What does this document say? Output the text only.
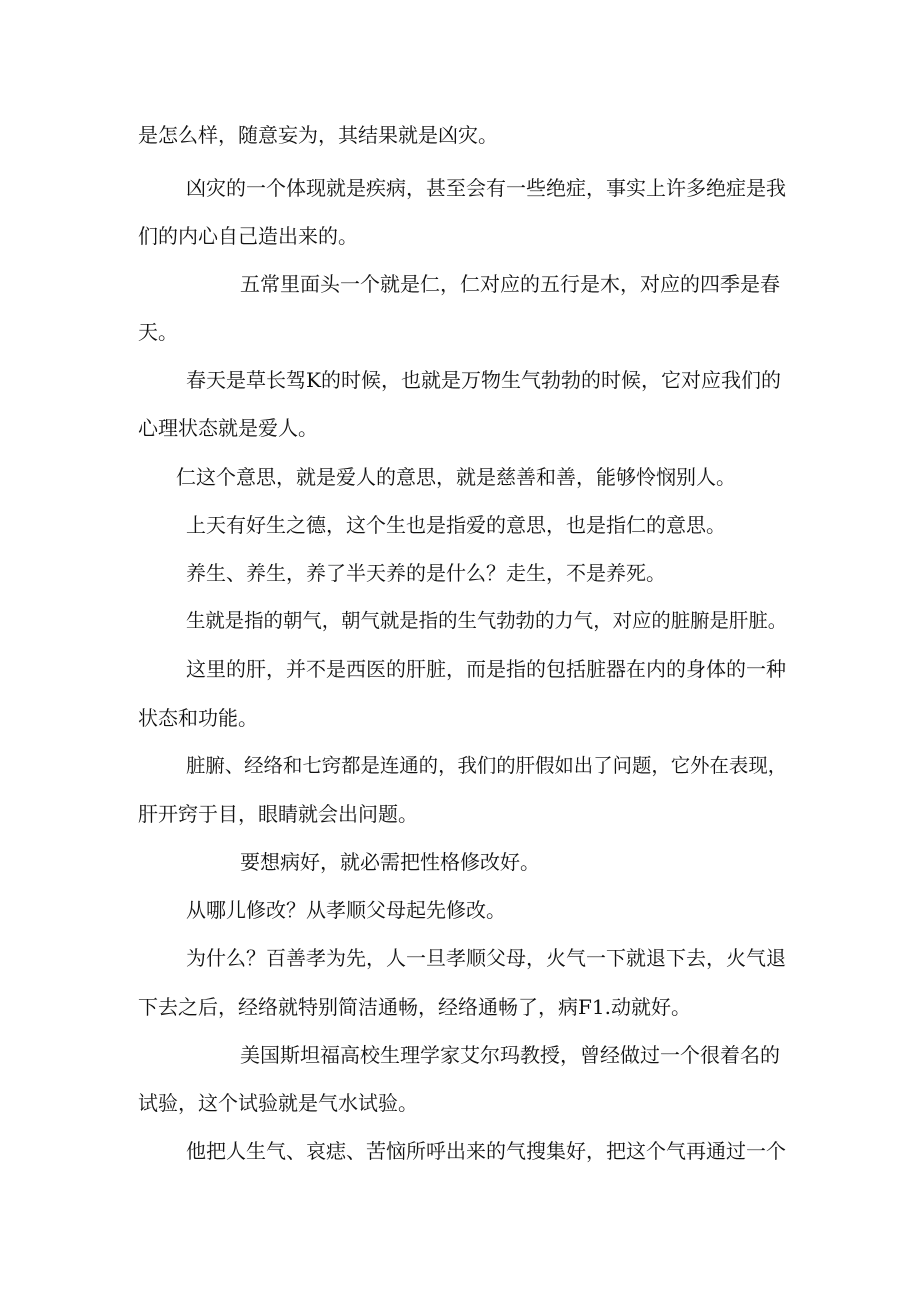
是怎么样，随意妄为，其结果就是凶灾。

凶灾的一个体现就是疾病，甚至会有一些绝症，事实上许多绝症是我

们的内心自己造出来的。

五常里面头一个就是仁，仁对应的五行是木，对应的四季是春

天。

春天是草长驾K的时候，也就是万物生气勃勃的时候，它对应我们的

心理状态就是爱人。

仁这个意思，就是爱人的意思，就是慈善和善，能够怜悯别人。

上天有好生之德，这个生也是指爱的意思，也是指仁的意思。

养生、养生，养了半天养的是什么？走生，不是养死。

生就是指的朝气，朝气就是指的生气勃勃的力气，对应的脏腑是肝脏。

这里的肝，并不是西医的肝脏，而是指的包括脏器在内的身体的一种

状态和功能。

脏腑、经络和七窍都是连通的，我们的肝假如出了问题，它外在表现，

肝开窍于目，眼睛就会出问题。

要想病好，就必需把性格修改好。

从哪儿修改？从孝顺父母起先修改。

为什么？百善孝为先，人一旦孝顺父母，火气一下就退下去，火气退

下去之后，经络就特别简洁通畅，经络通畅了，病F1.动就好。

美国斯坦福高校生理学家艾尔玛教授，曾经做过一个很着名的

试验，这个试验就是气水试验。

他把人生气、哀痣、苦恼所呼出来的气搜集好，把这个气再通过一个
